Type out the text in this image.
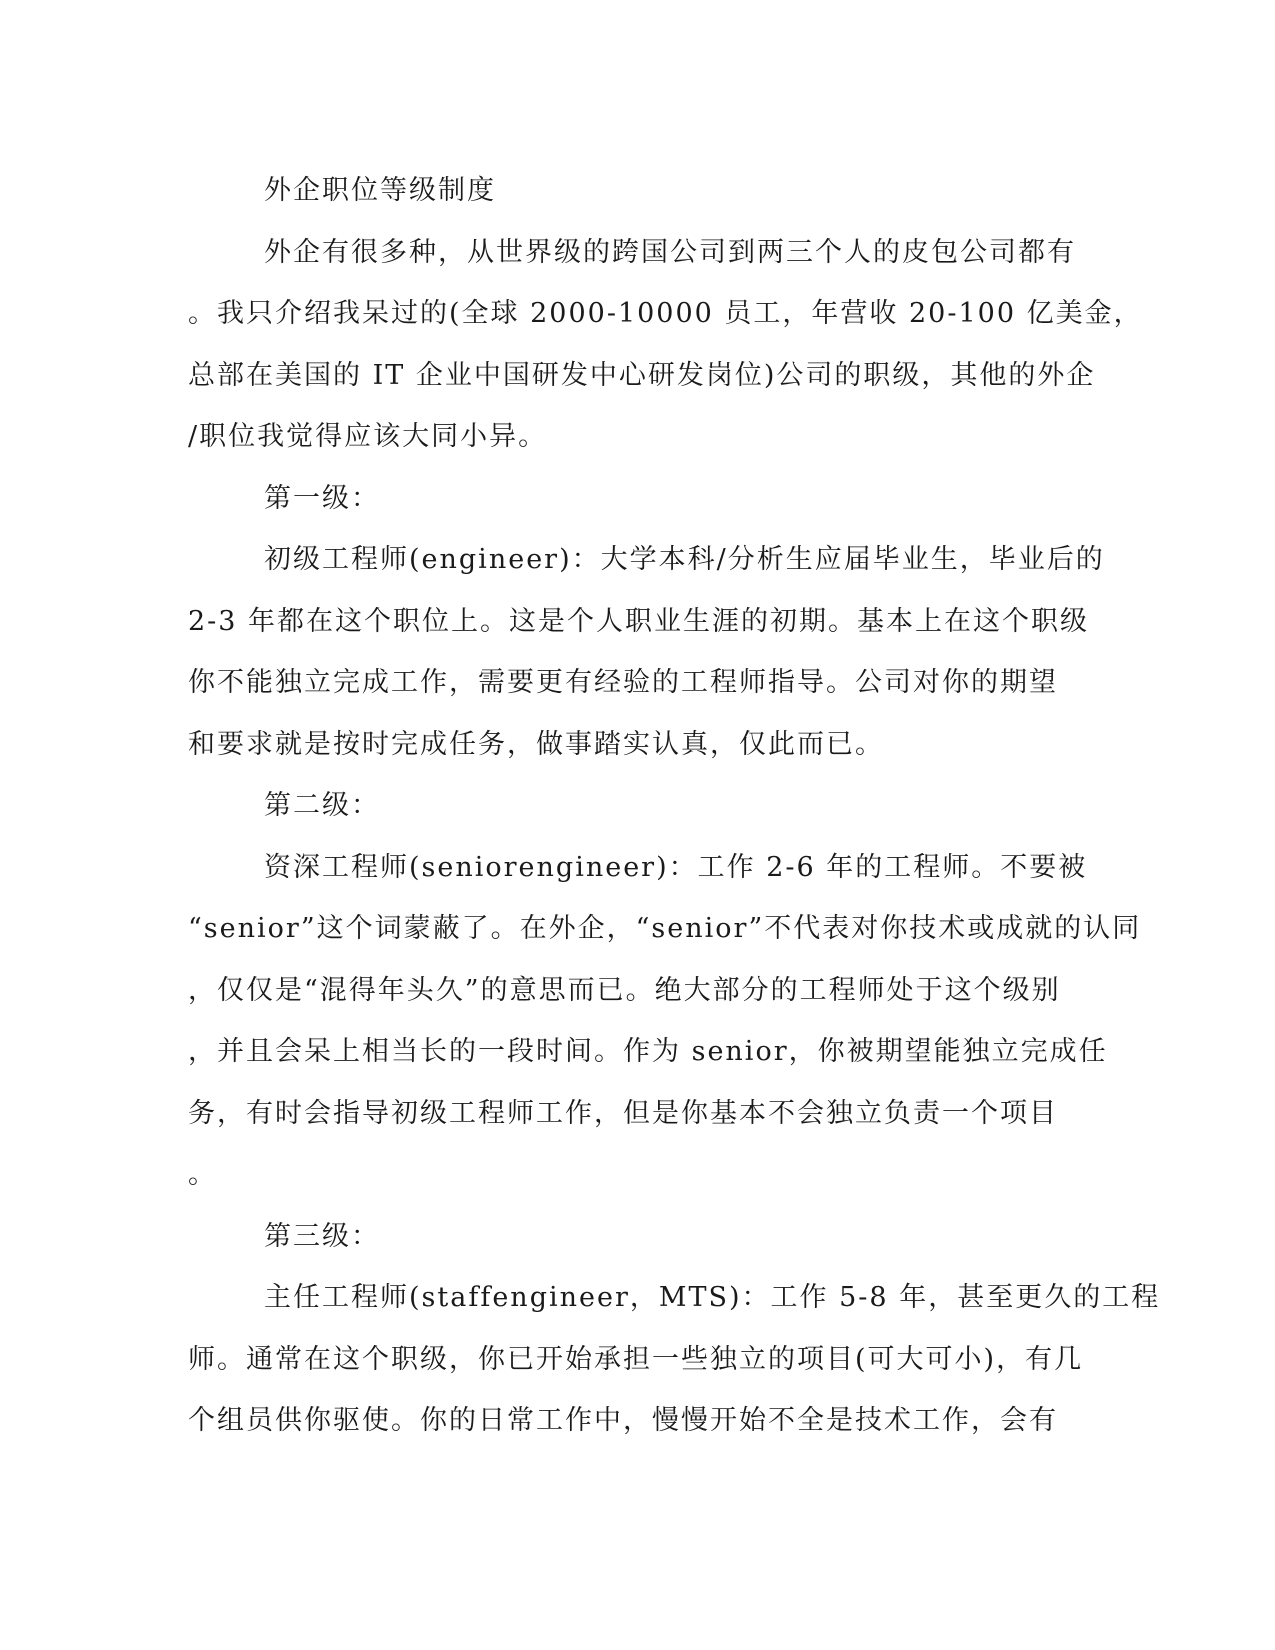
外企职位等级制度

外企有很多种，从世界级的跨国公司到两三个人的皮包公司都有
。我只介绍我呆过的(全球 2000-10000 员工，年营收 20-100 亿美金，
总部在美国的 IT 企业中国研发中心研发岗位)公司的职级，其他的外企
/职位我觉得应该大同小异。

第一级：

初级工程师(engineer)：大学本科/分析生应届毕业生，毕业后的
2-3 年都在这个职位上。这是个人职业生涯的初期。基本上在这个职级
你不能独立完成工作，需要更有经验的工程师指导。公司对你的期望
和要求就是按时完成任务，做事踏实认真，仅此而已。

第二级：

资深工程师(seniorengineer)：工作 2-6 年的工程师。不要被
“senior”这个词蒙蔽了。在外企，“senior”不代表对你技术或成就的认同
，仅仅是“混得年头久”的意思而已。绝大部分的工程师处于这个级别
，并且会呆上相当长的一段时间。作为 senior，你被期望能独立完成任
务，有时会指导初级工程师工作，但是你基本不会独立负责一个项目
。

第三级：

主任工程师(staffengineer，MTS)：工作 5-8 年，甚至更久的工程
师。通常在这个职级，你已开始承担一些独立的项目(可大可小)，有几
个组员供你驱使。你的日常工作中，慢慢开始不全是技术工作，会有
